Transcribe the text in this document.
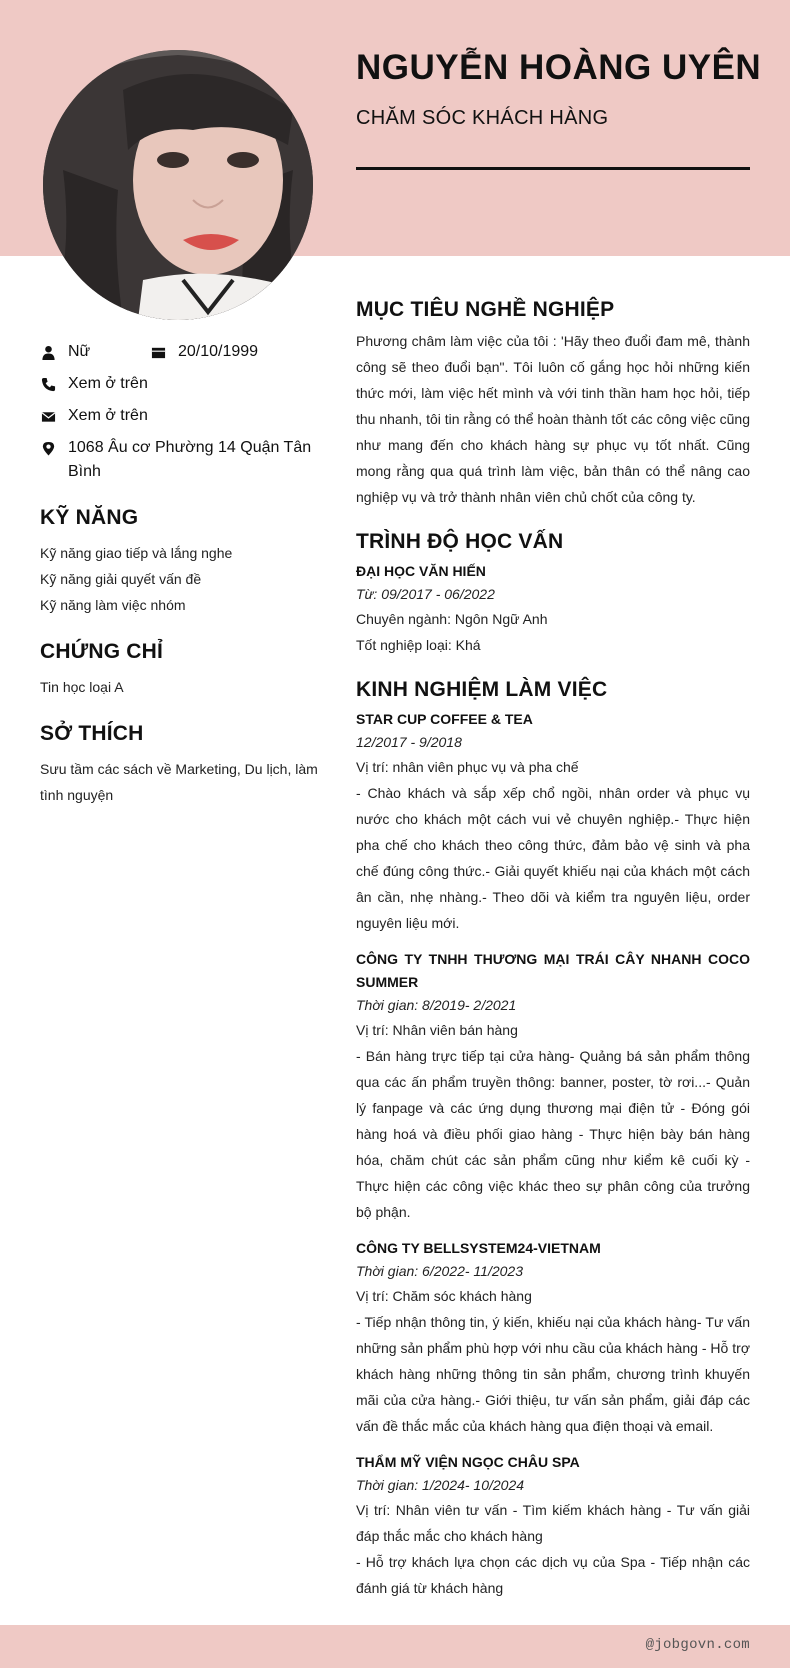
NGUYỄN HOÀNG UYÊN
CHĂM SÓC KHÁCH HÀNG
Nữ	20/10/1999
Xem ở trên
Xem ở trên
1068 Âu cơ Phường 14 Quận Tân Bình
KỸ NĂNG
Kỹ năng giao tiếp và lắng nghe
Kỹ năng giải quyết vấn đề
Kỹ năng làm việc nhóm
CHỨNG CHỈ
Tin học loại A
SỞ THÍCH

Sưu tầm các sách về Marketing, Du lịch, làm tình nguyện

MỤC TIÊU NGHỀ NGHIỆP

Phương châm làm việc của tôi : 'Hãy theo đuổi đam mê, thành công sẽ theo đuổi bạn". Tôi luôn cố gắng học hỏi những kiến thức mới, làm việc hết mình và với tinh thần ham học hỏi, tiếp thu nhanh, tôi tin rằng có thể hoàn thành tốt các công việc cũng như mang đến cho khách hàng sự phục vụ tốt nhất. Cũng mong rằng qua quá trình làm việc, bản thân có thể nâng cao nghiệp vụ và trở thành nhân viên chủ chốt của công ty.

TRÌNH ĐỘ HỌC VẤN
ĐẠI HỌC VĂN HIẾN
Từ: 09/2017 - 06/2022
Chuyên ngành: Ngôn Ngữ Anh
Tốt nghiệp loại: Khá
KINH NGHIỆM LÀM VIỆC
STAR CUP COFFEE & TEA
12/2017 - 9/2018
Vị trí: nhân viên phục vụ và pha chế

- Chào khách và sắp xếp chổ ngồi, nhân order và phục vụ nước cho khách một cách vui vẻ chuyên nghiệp.- Thực hiện pha chế cho khách theo công thức, đảm bảo vệ sinh và pha chế đúng công thức.- Giải quyết khiếu nại của khách một cách ân cần, nhẹ nhàng.- Theo dõi và kiểm tra nguyên liệu, order nguyên liệu mới.

CÔNG TY TNHH THƯƠNG MẠI TRÁI CÂY NHANH COCO SUMMER
Thời gian: 8/2019- 2/2021
Vị trí: Nhân viên bán hàng

- Bán hàng trực tiếp tại cửa hàng- Quảng bá sản phẩm thông qua các ấn phẩm truyền thông: banner, poster, tờ rơi...- Quản lý fanpage và các ứng dụng thương mại điện tử - Đóng gói hàng hoá và điều phối giao hàng - Thực hiện bày bán hàng hóa, chăm chút các sản phẩm cũng như kiểm kê cuối kỳ - Thực hiện các công việc khác theo sự phân công của trưởng bộ phận.

CÔNG TY BELLSYSTEM24-VIETNAM
Thời gian: 6/2022- 11/2023
Vị trí: Chăm sóc khách hàng

- Tiếp nhận thông tin, ý kiến, khiếu nại của khách hàng- Tư vấn những sản phẩm phù hợp với nhu cầu của khách hàng - Hỗ trợ khách hàng những thông tin sản phẩm, chương trình khuyến mãi của cửa hàng.- Giới thiệu, tư vấn sản phẩm, giải đáp các vấn đề thắc mắc của khách hàng qua điện thoại và email.

THẨM MỸ VIỆN NGỌC CHÂU SPA
Thời gian: 1/2024- 10/2024

Vị trí: Nhân viên tư vấn - Tìm kiếm khách hàng - Tư vấn giải đáp thắc mắc cho khách hàng

- Hỗ trợ khách lựa chọn các dịch vụ của Spa - Tiếp nhận các đánh giá từ khách hàng

@jobgovn.com
